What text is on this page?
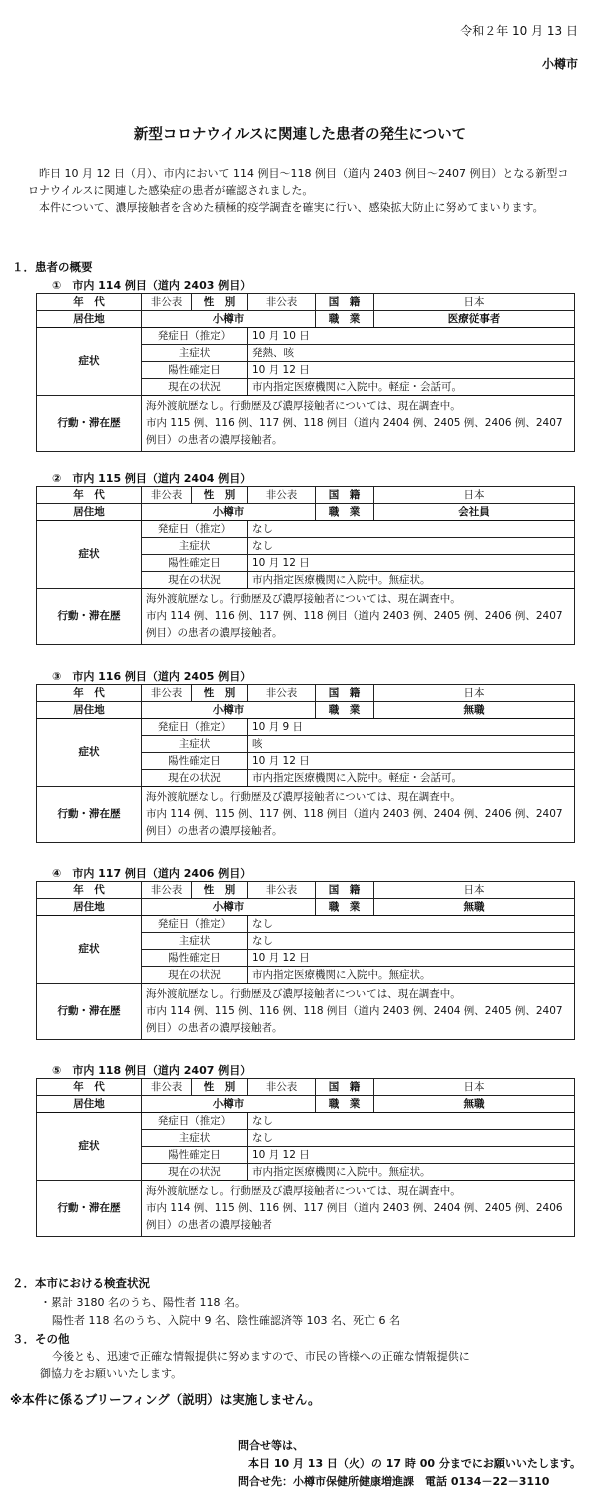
令和２年 10 月 13 日
小樽市
新型コロナウイルスに関連した患者の発生について

昨日 10 月 12 日（月）、市内において 114 例目～118 例目（道内 2403 例目～2407 例目）となる新型コロナウイルスに関連した感染症の患者が確認されました。

本件について、濃厚接触者を含めた積極的疫学調査を確実に行い、感染拡大防止に努めてまいります。

１．患者の概要
①　市内 114 例目（道内 2403 例目）
年　代	非公表	性　別	非公表	国　籍	日本
居住地	小樽市			職　業	医療従事者
症状	発症日（推定）		10 月 10 日		
	主症状		発熱、咳		
	陽性確定日		10 月 12 日		
	現在の状況		市内指定医療機関に入院中。軽症・会話可。		
行動・滞在歴	海外渡航歴なし。行動歴及び濃厚接触者については、現在調査中。
市内 115 例、116 例、117 例、118 例目（道内 2404 例、2405 例、2406 例、2407 例目）の患者の濃厚接触者。				
②　市内 115 例目（道内 2404 例目）
年　代	非公表	性　別	非公表	国　籍	日本
居住地	小樽市			職　業	会社員
症状	発症日（推定）		なし		
	主症状		なし		
	陽性確定日		10 月 12 日		
	現在の状況		市内指定医療機関に入院中。無症状。		
行動・滞在歴	海外渡航歴なし。行動歴及び濃厚接触者については、現在調査中。
市内 114 例、116 例、117 例、118 例目（道内 2403 例、2405 例、2406 例、2407 例目）の患者の濃厚接触者。				
③　市内 116 例目（道内 2405 例目）
年　代	非公表	性　別	非公表	国　籍	日本
居住地	小樽市			職　業	無職
症状	発症日（推定）		10 月 9 日		
	主症状		咳		
	陽性確定日		10 月 12 日		
	現在の状況		市内指定医療機関に入院中。軽症・会話可。		
行動・滞在歴	海外渡航歴なし。行動歴及び濃厚接触者については、現在調査中。
市内 114 例、115 例、117 例、118 例目（道内 2403 例、2404 例、2406 例、2407 例目）の患者の濃厚接触者。				
④　市内 117 例目（道内 2406 例目）
年　代	非公表	性　別	非公表	国　籍	日本
居住地	小樽市			職　業	無職
症状	発症日（推定）		なし		
	主症状		なし		
	陽性確定日		10 月 12 日		
	現在の状況		市内指定医療機関に入院中。無症状。		
行動・滞在歴	海外渡航歴なし。行動歴及び濃厚接触者については、現在調査中。
市内 114 例、115 例、116 例、118 例目（道内 2403 例、2404 例、2405 例、2407 例目）の患者の濃厚接触者。				
⑤　市内 118 例目（道内 2407 例目）
年　代	非公表	性　別	非公表	国　籍	日本
居住地	小樽市			職　業	無職
症状	発症日（推定）		なし		
	主症状		なし		
	陽性確定日		10 月 12 日		
	現在の状況		市内指定医療機関に入院中。無症状。		
行動・滞在歴	海外渡航歴なし。行動歴及び濃厚接触者については、現在調査中。
市内 114 例、115 例、116 例、117 例目（道内 2403 例、2404 例、2405 例、2406 例目）の患者の濃厚接触者				
２．本市における検査状況
・累計 3180 名のうち、陽性者 118 名。
陽性者 118 名のうち、入院中 9 名、陰性確認済等 103 名、死亡 6 名
３．その他
今後とも、迅速で正確な情報提供に努めますので、市民の皆様への正確な情報提供に
御協力をお願いいたします。
※本件に係るブリーフィング（説明）は実施しません。
問合せ等は、
本日 10 月 13 日（火）の 17 時 00 分までにお願いいたします。
問合せ先：小樽市保健所健康増進課　電話 0134－22－3110
